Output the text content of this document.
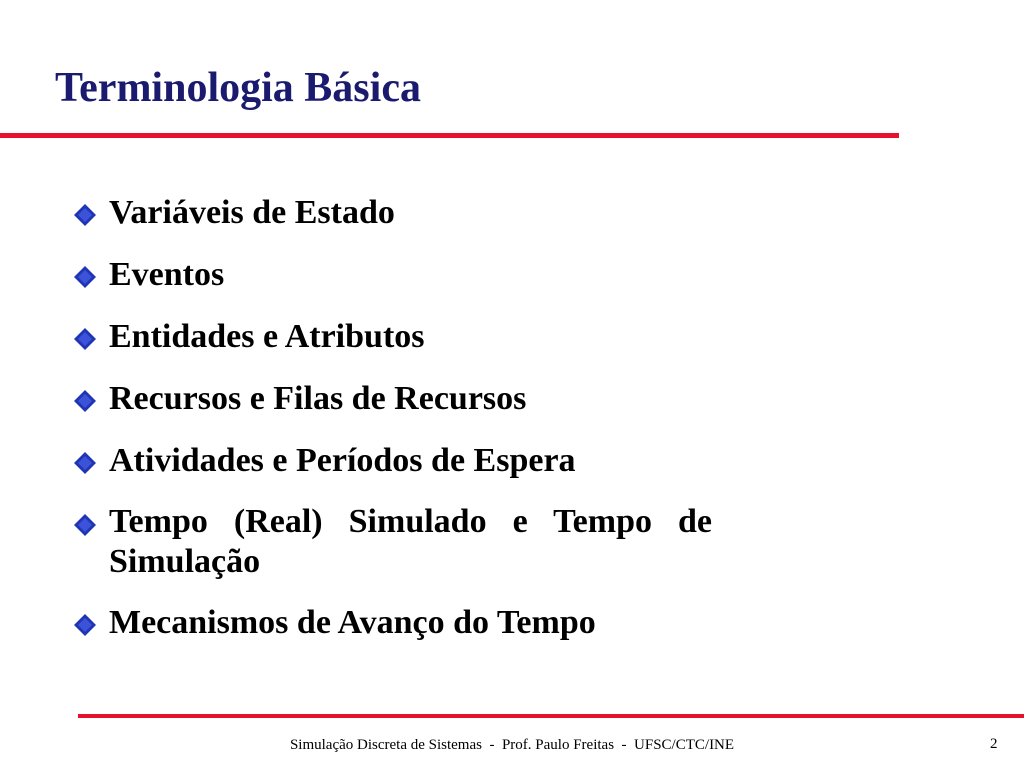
Terminologia Básica
Variáveis de Estado
Eventos
Entidades e Atributos
Recursos e Filas de Recursos
Atividades e Períodos de Espera
Tempo (Real) Simulado e Tempo de Simulação
Mecanismos de Avanço do Tempo
Simulação Discreta de Sistemas  -  Prof. Paulo Freitas  -  UFSC/CTC/INE	2
